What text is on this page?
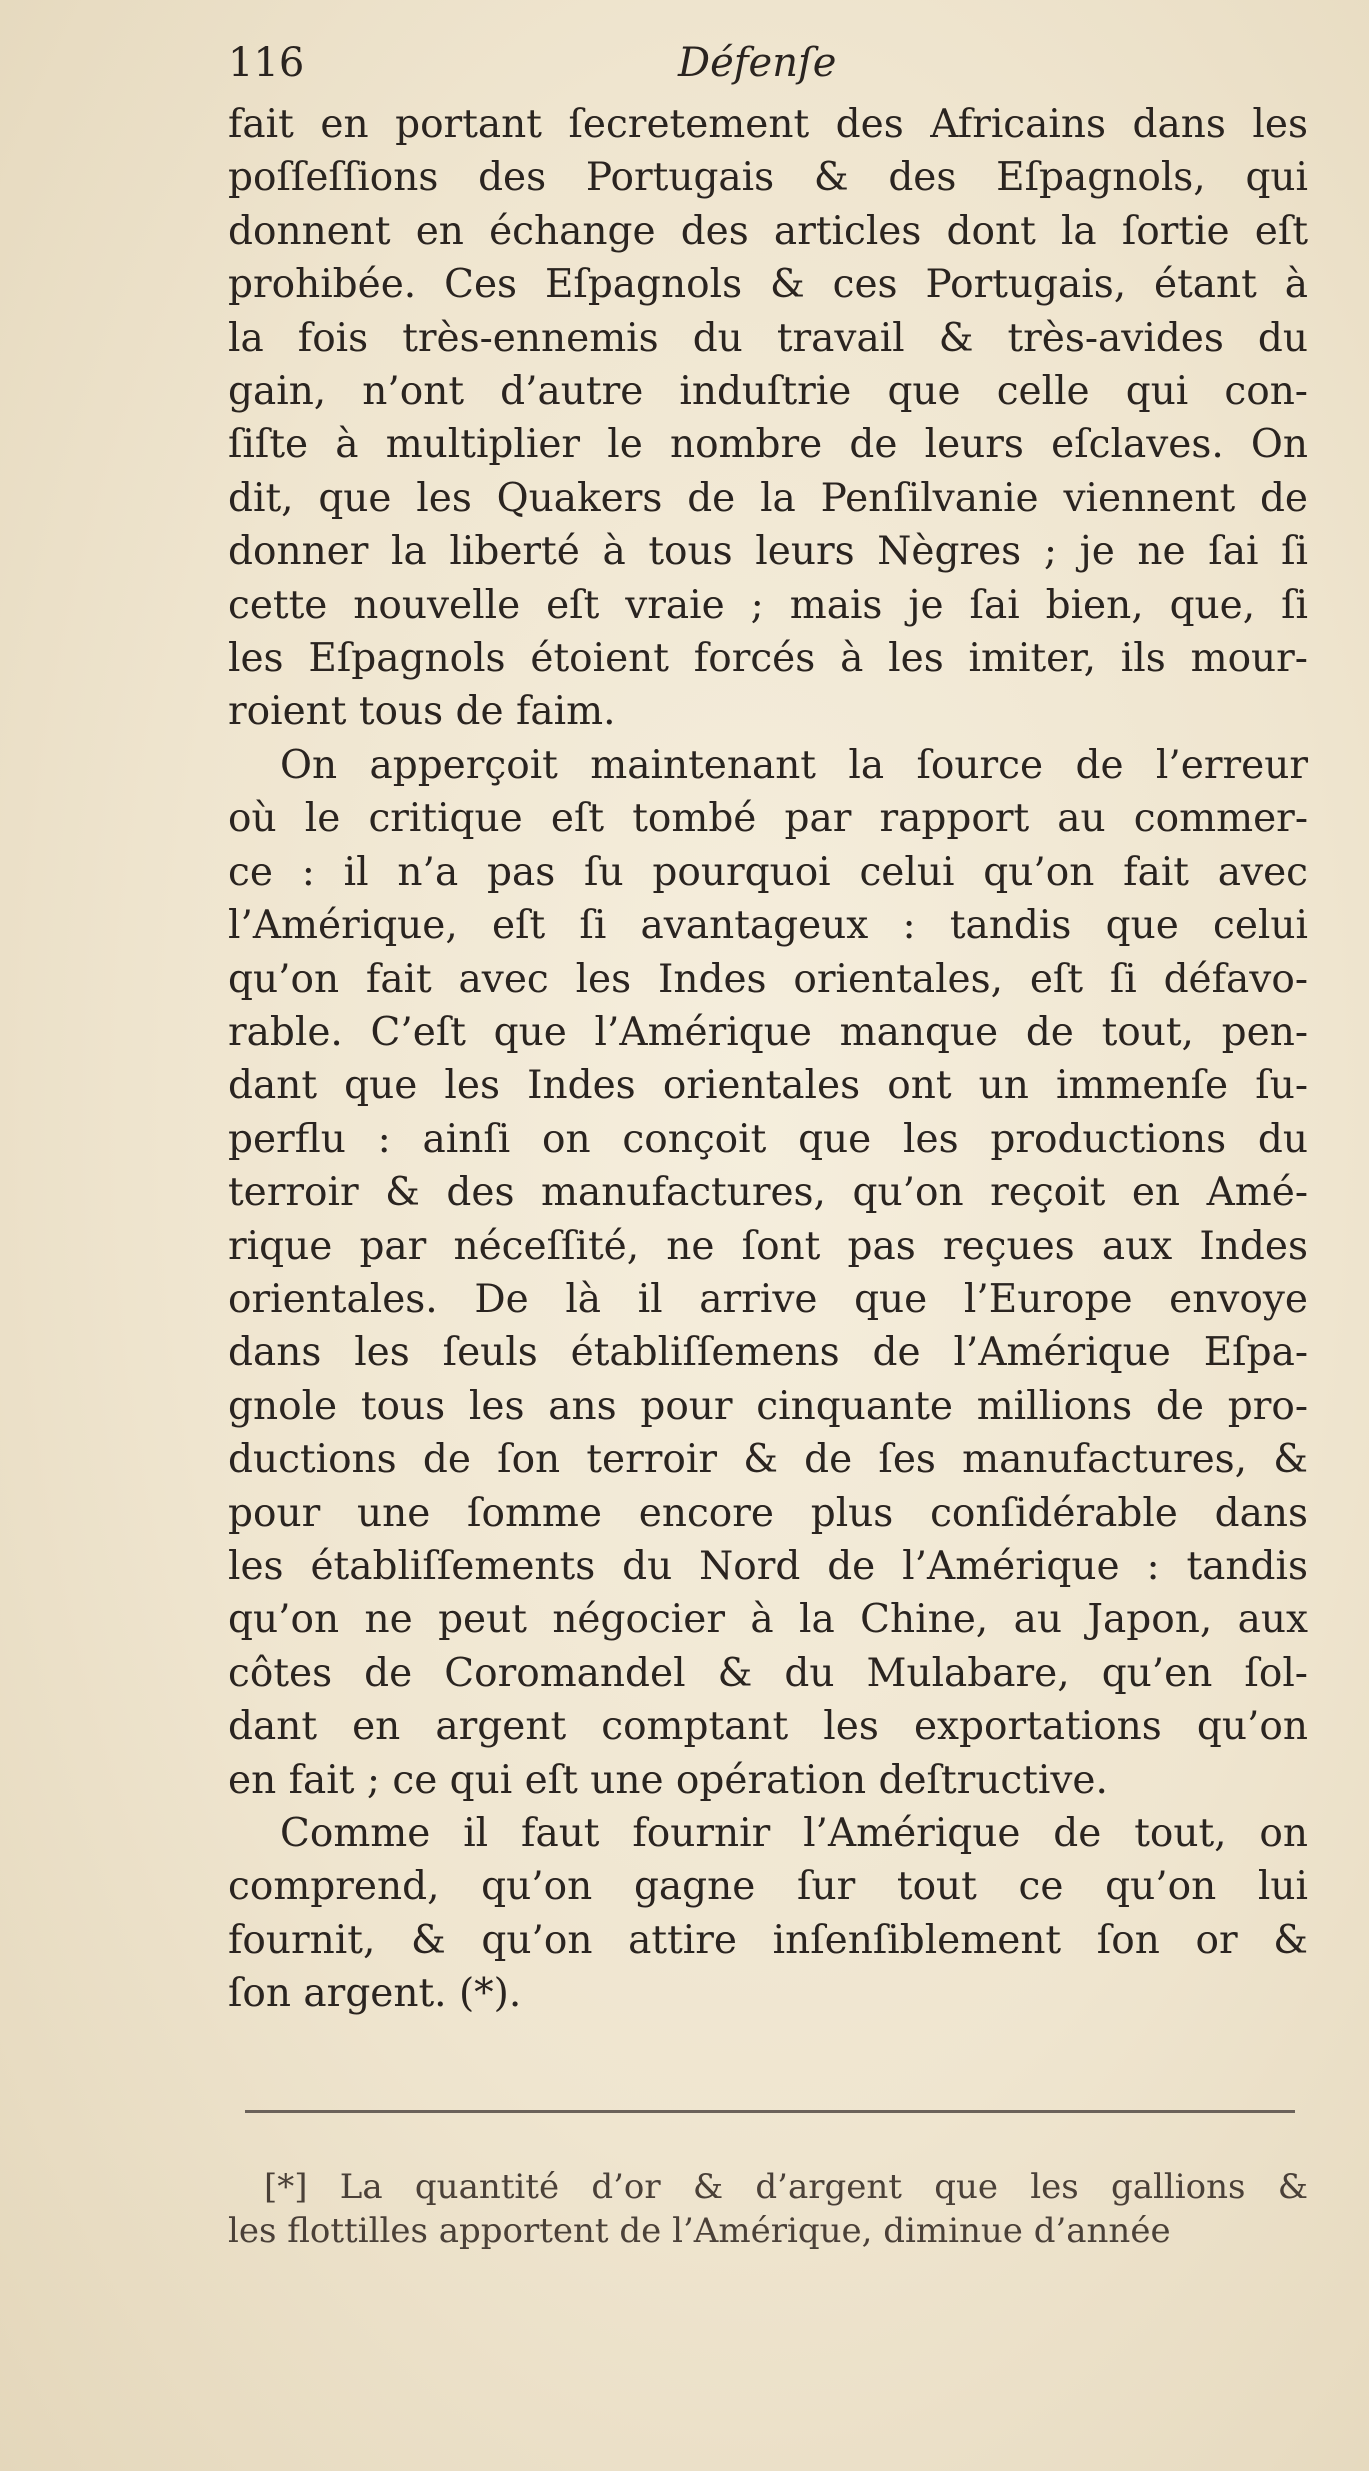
116	Défenſe
fait en portant ſecretement des Africains dans les
poſſeſſions des Portugais & des Eſpagnols, qui
donnent en échange des articles dont la ſortie eſt
prohibée. Ces Eſpagnols & ces Portugais, étant à
la fois très-ennemis du travail & très-avides du
gain, n’ont d’autre induſtrie que celle qui con-
ſiſte à multiplier le nombre de leurs eſclaves. On
dit, que les Quakers de la Penſilvanie viennent de
donner la liberté à tous leurs Nègres ; je ne ſai ſi
cette nouvelle eſt vraie ; mais je ſai bien, que, ſi
les Eſpagnols étoient forcés à les imiter, ils mour-
roient tous de faim.
On apperçoit maintenant la ſource de l’erreur
où le critique eſt tombé par rapport au commer-
ce : il n’a pas ſu pourquoi celui qu’on fait avec
l’Amérique, eſt ſi avantageux : tandis que celui
qu’on fait avec les Indes orientales, eſt ſi défavo-
rable. C’eſt que l’Amérique manque de tout, pen-
dant que les Indes orientales ont un immenſe ſu-
perflu : ainſi on conçoit que les productions du
terroir & des manufactures, qu’on reçoit en Amé-
rique par néceſſité, ne ſont pas reçues aux Indes
orientales. De là il arrive que l’Europe envoye
dans les ſeuls établiſſemens de l’Amérique Eſpa-
gnole tous les ans pour cinquante millions de pro-
ductions de ſon terroir & de ſes manufactures, &
pour une ſomme encore plus conſidérable dans
les établiſſements du Nord de l’Amérique : tandis
qu’on ne peut négocier à la Chine, au Japon, aux
côtes de Coromandel & du Mulabare, qu’en ſol-
dant en argent comptant les exportations qu’on
en fait ; ce qui eſt une opération deſtructive.
Comme il faut fournir l’Amérique de tout, on
comprend, qu’on gagne ſur tout ce qu’on lui
fournit, & qu’on attire inſenſiblement ſon or &
ſon argent. (*).
[*] La quantité d’or & d’argent que les gallions &
les flottilles apportent de l’Amérique, diminue d’année
